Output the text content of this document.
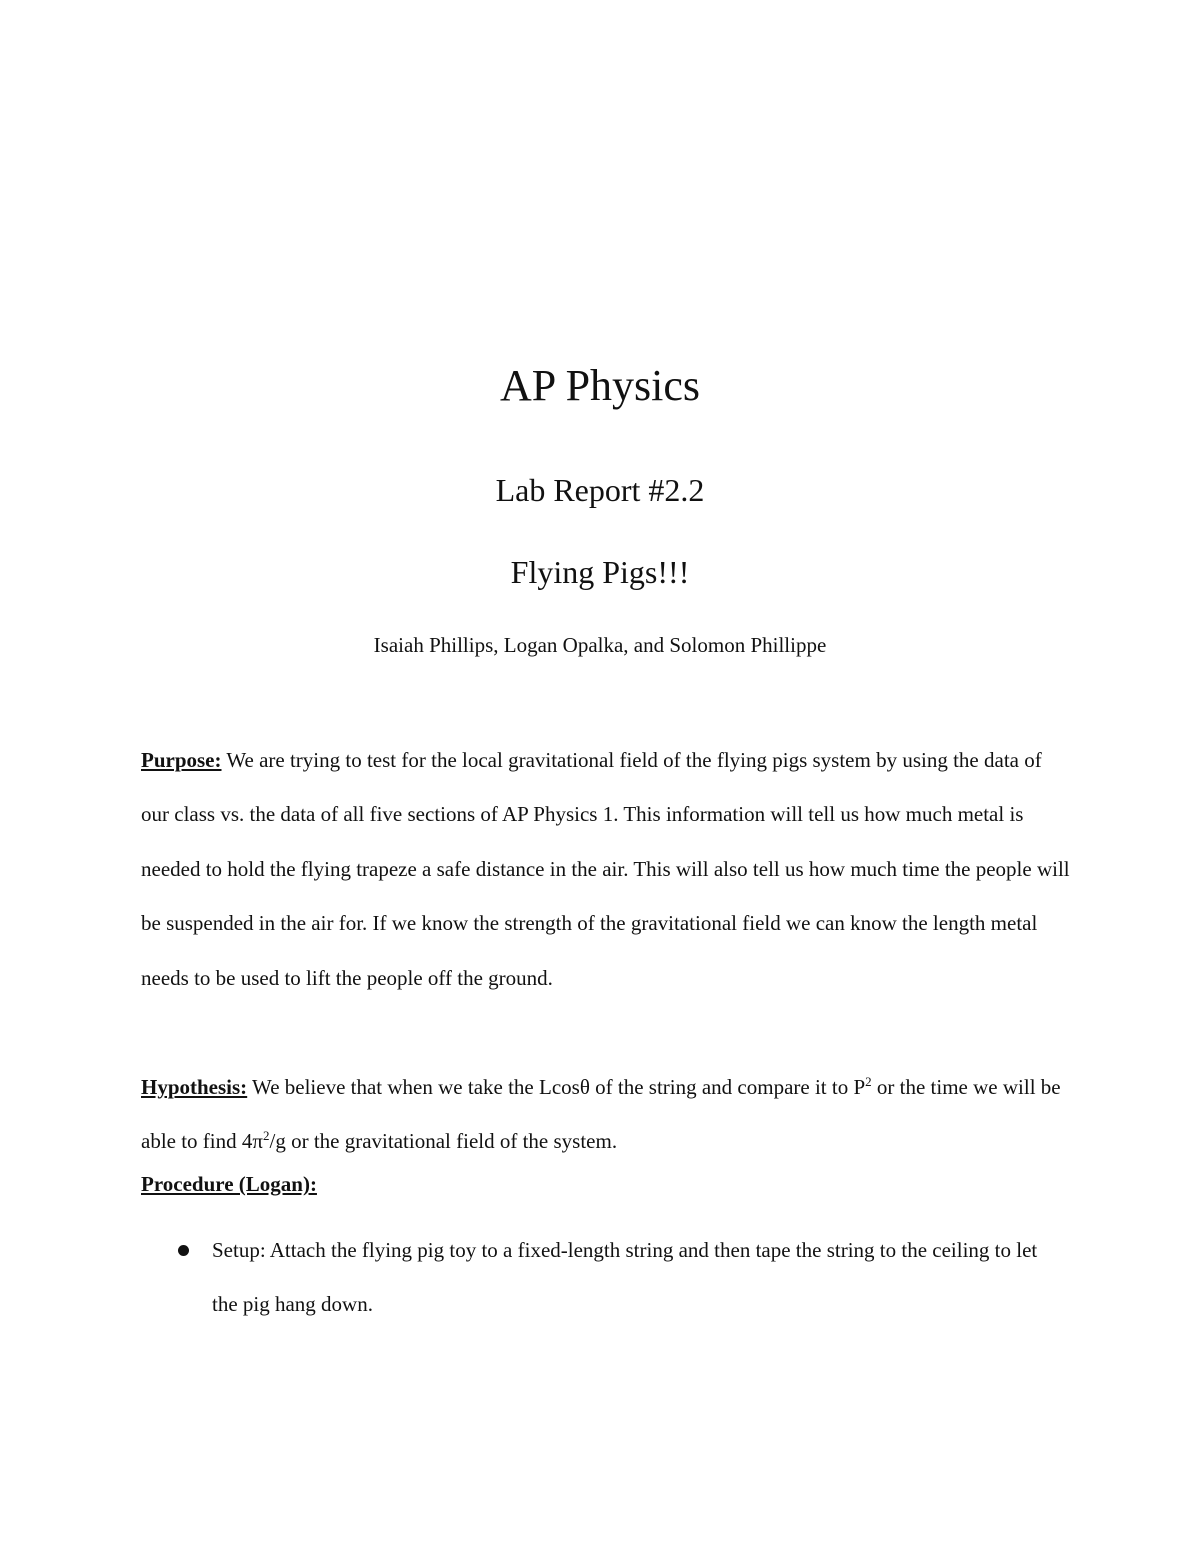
AP Physics
Lab Report #2.2
Flying Pigs!!!
Isaiah Phillips, Logan Opalka, and Solomon Phillippe
Purpose: We are trying to test for the local gravitational field of the flying pigs system by using the data of our class vs. the data of all five sections of AP Physics 1. This information will tell us how much metal is needed to hold the flying trapeze a safe distance in the air. This will also tell us how much time the people will be suspended in the air for. If we know the strength of the gravitational field we can know the length metal needs to be used to lift the people off the ground.
Hypothesis: We believe that when we take the Lcosθ of the string and compare it to $P^2$ or the time we will be able to find $4\pi^2/g$ or the gravitational field of the system.
Procedure (Logan):
Setup: Attach the flying pig toy to a fixed-length string and then tape the string to the ceiling to let the pig hang down.
